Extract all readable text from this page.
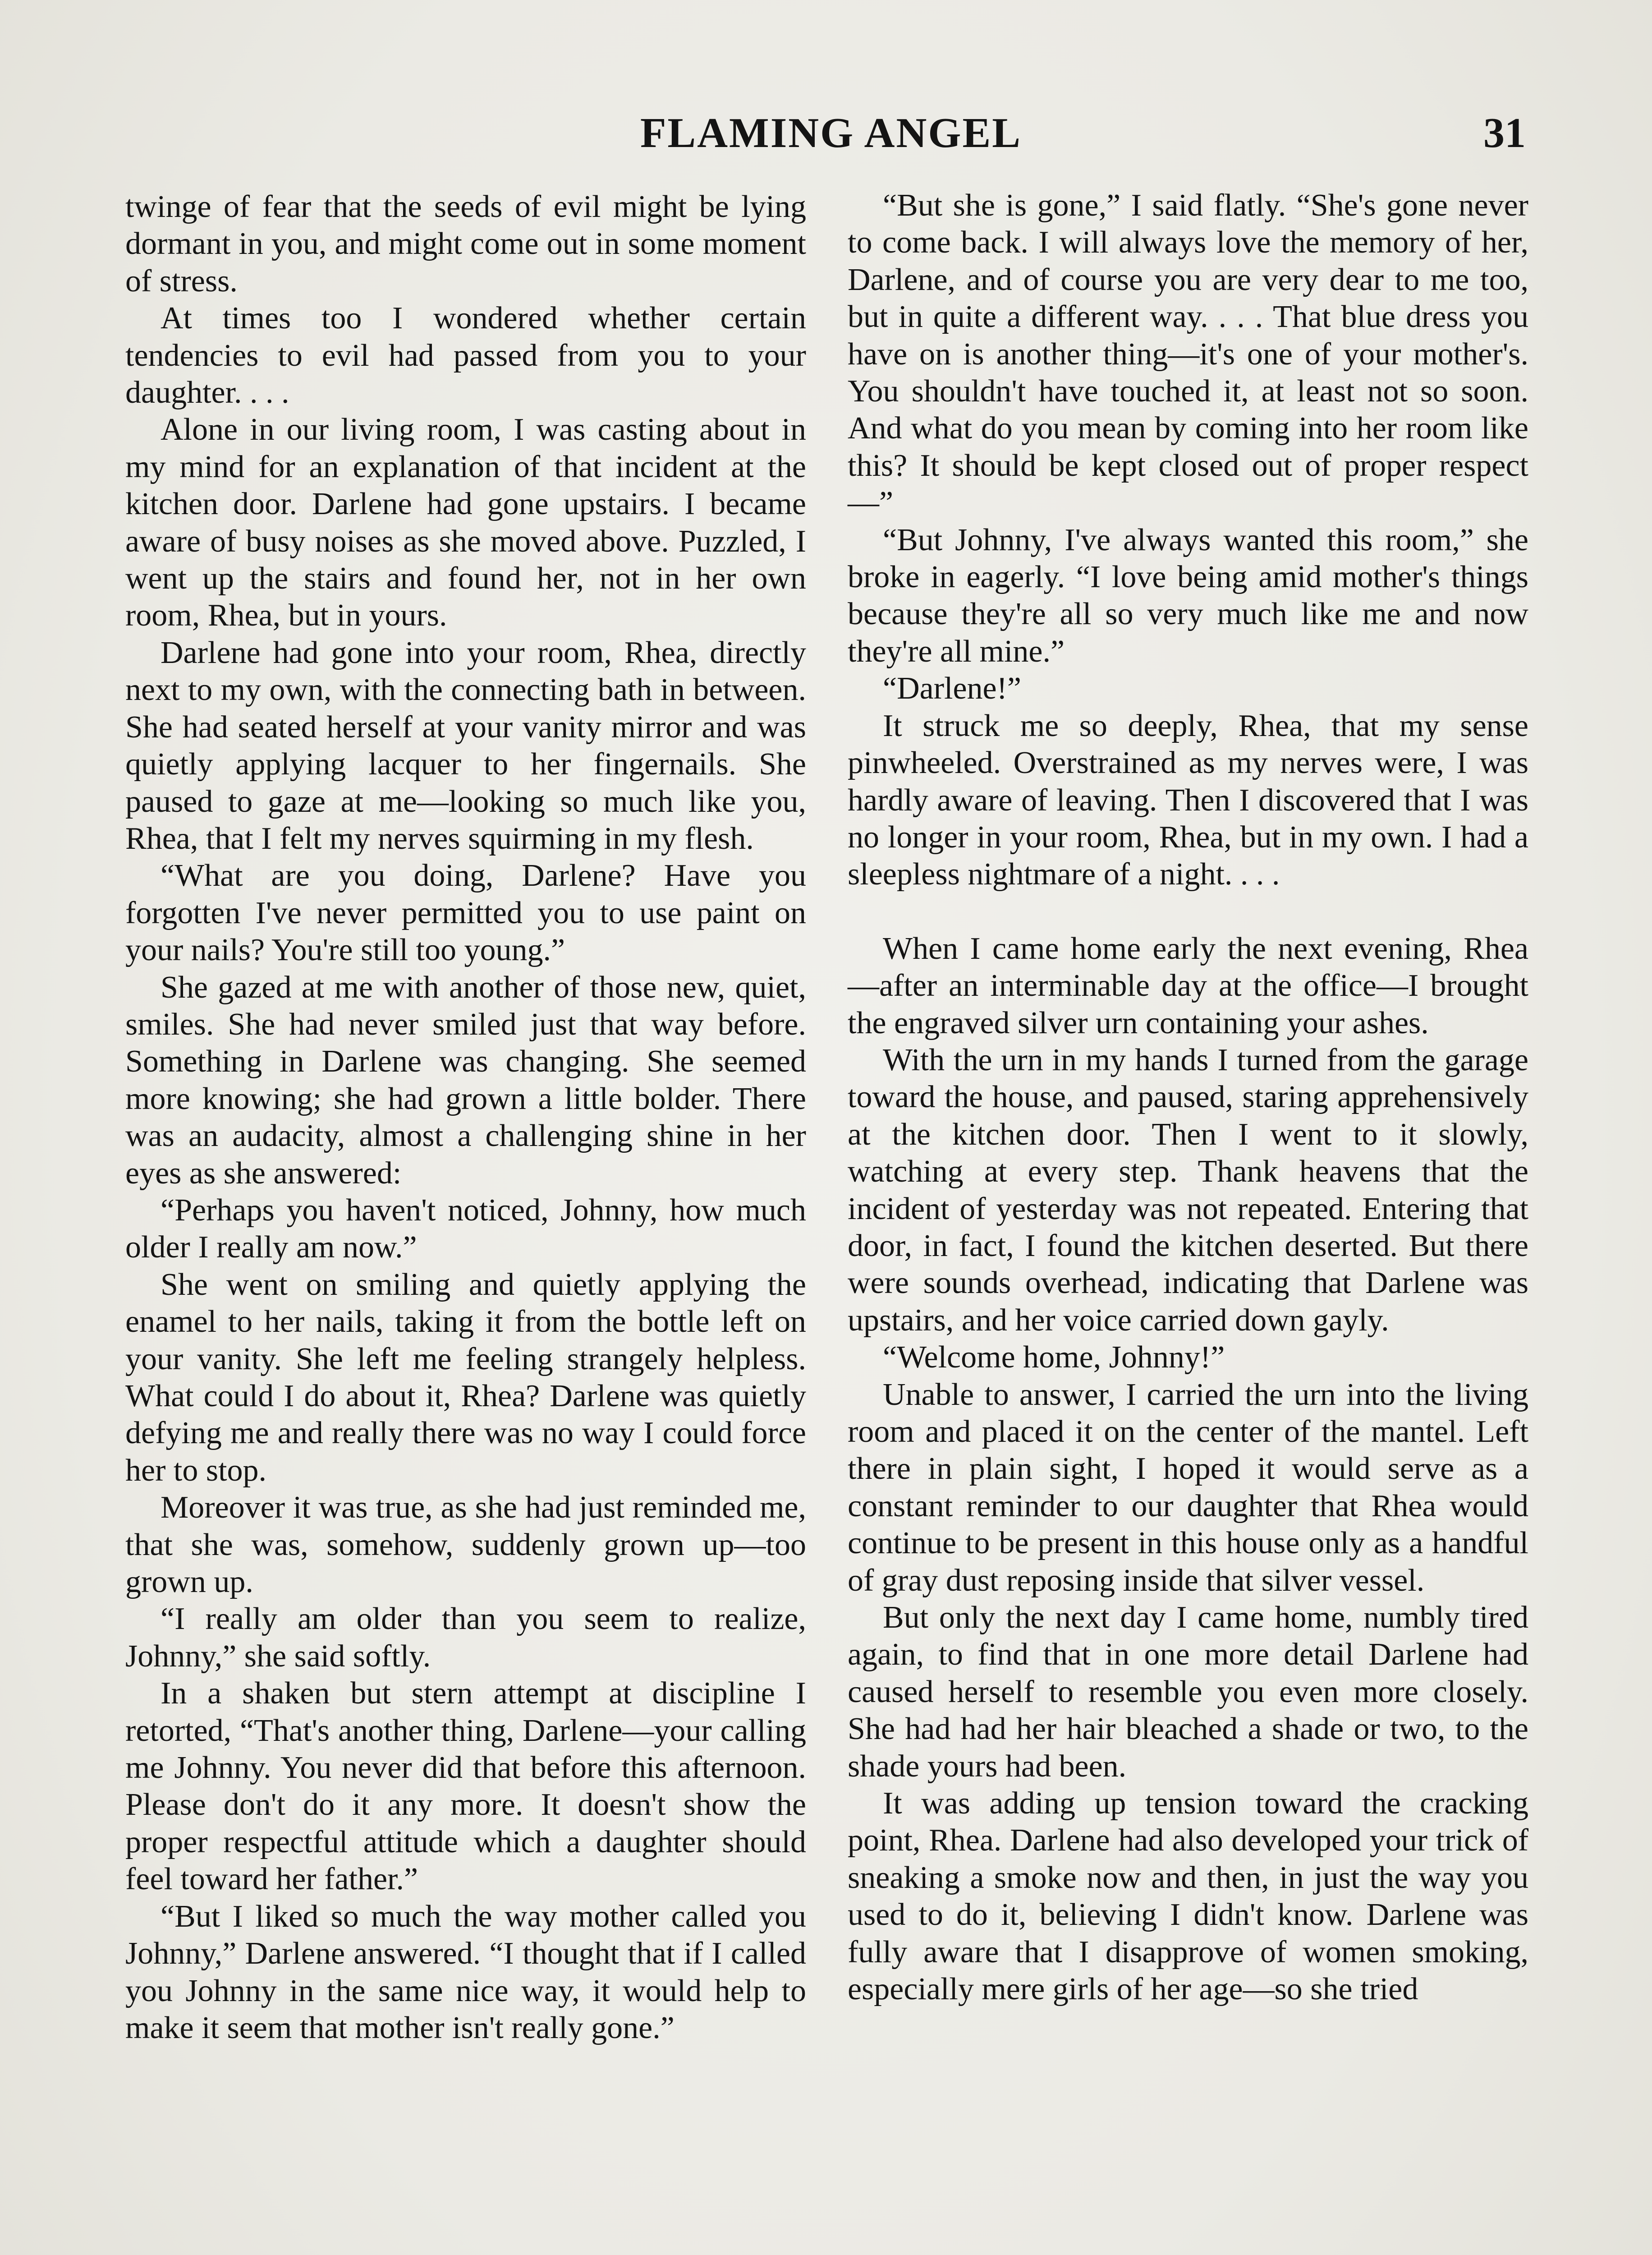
FLAMING ANGEL	31

twinge of fear that the seeds of evil might be lying dormant in you, and might come out in some moment of stress.

At times too I wondered whether certain tendencies to evil had passed from you to your daughter. . . .

Alone in our living room, I was casting about in my mind for an explanation of that incident at the kitchen door. Darlene had gone upstairs. I became aware of busy noises as she moved above. Puzzled, I went up the stairs and found her, not in her own room, Rhea, but in yours.

Darlene had gone into your room, Rhea, directly next to my own, with the connecting bath in between. She had seated herself at your vanity mirror and was quietly applying lacquer to her fingernails. She paused to gaze at me—looking so much like you, Rhea, that I felt my nerves squirming in my flesh.

“What are you doing, Darlene? Have you forgotten I've never permitted you to use paint on your nails? You're still too young.”

She gazed at me with another of those new, quiet, smiles. She had never smiled just that way before. Something in Darlene was changing. She seemed more knowing; she had grown a little bolder. There was an audacity, almost a challenging shine in her eyes as she answered:

“Perhaps you haven't noticed, Johnny, how much older I really am now.”

She went on smiling and quietly applying the enamel to her nails, taking it from the bottle left on your vanity. She left me feeling strangely helpless. What could I do about it, Rhea? Darlene was quietly defying me and really there was no way I could force her to stop.

Moreover it was true, as she had just reminded me, that she was, somehow, suddenly grown up—too grown up.

“I really am older than you seem to realize, Johnny,” she said softly.

In a shaken but stern attempt at discipline I retorted, “That's another thing, Darlene—your calling me Johnny. You never did that before this afternoon. Please don't do it any more. It doesn't show the proper respectful attitude which a daughter should feel toward her father.”

“But I liked so much the way mother called you Johnny,” Darlene answered. “I thought that if I called you Johnny in the same nice way, it would help to make it seem that mother isn't really gone.”

“But she is gone,” I said flatly. “She's gone never to come back. I will always love the memory of her, Darlene, and of course you are very dear to me too, but in quite a different way. . . . That blue dress you have on is another thing—it's one of your mother's. You shouldn't have touched it, at least not so soon. And what do you mean by coming into her room like this? It should be kept closed out of proper respect—”

“But Johnny, I've always wanted this room,” she broke in eagerly. “I love being amid mother's things because they're all so very much like me and now they're all mine.”

“Darlene!”

It struck me so deeply, Rhea, that my sense pinwheeled. Overstrained as my nerves were, I was hardly aware of leaving. Then I discovered that I was no longer in your room, Rhea, but in my own. I had a sleepless nightmare of a night. . . .

When I came home early the next evening, Rhea—after an interminable day at the office—I brought the engraved silver urn containing your ashes.

With the urn in my hands I turned from the garage toward the house, and paused, staring apprehensively at the kitchen door. Then I went to it slowly, watching at every step. Thank heavens that the incident of yesterday was not repeated. Entering that door, in fact, I found the kitchen deserted. But there were sounds overhead, indicating that Darlene was upstairs, and her voice carried down gayly.

“Welcome home, Johnny!”

Unable to answer, I carried the urn into the living room and placed it on the center of the mantel. Left there in plain sight, I hoped it would serve as a constant reminder to our daughter that Rhea would continue to be present in this house only as a handful of gray dust reposing inside that silver vessel.

But only the next day I came home, numbly tired again, to find that in one more detail Darlene had caused herself to resemble you even more closely. She had had her hair bleached a shade or two, to the shade yours had been.

It was adding up tension toward the cracking point, Rhea. Darlene had also developed your trick of sneaking a smoke now and then, in just the way you used to do it, believing I didn't know. Darlene was fully aware that I disapprove of women smoking, especially mere girls of her age—so she tried
